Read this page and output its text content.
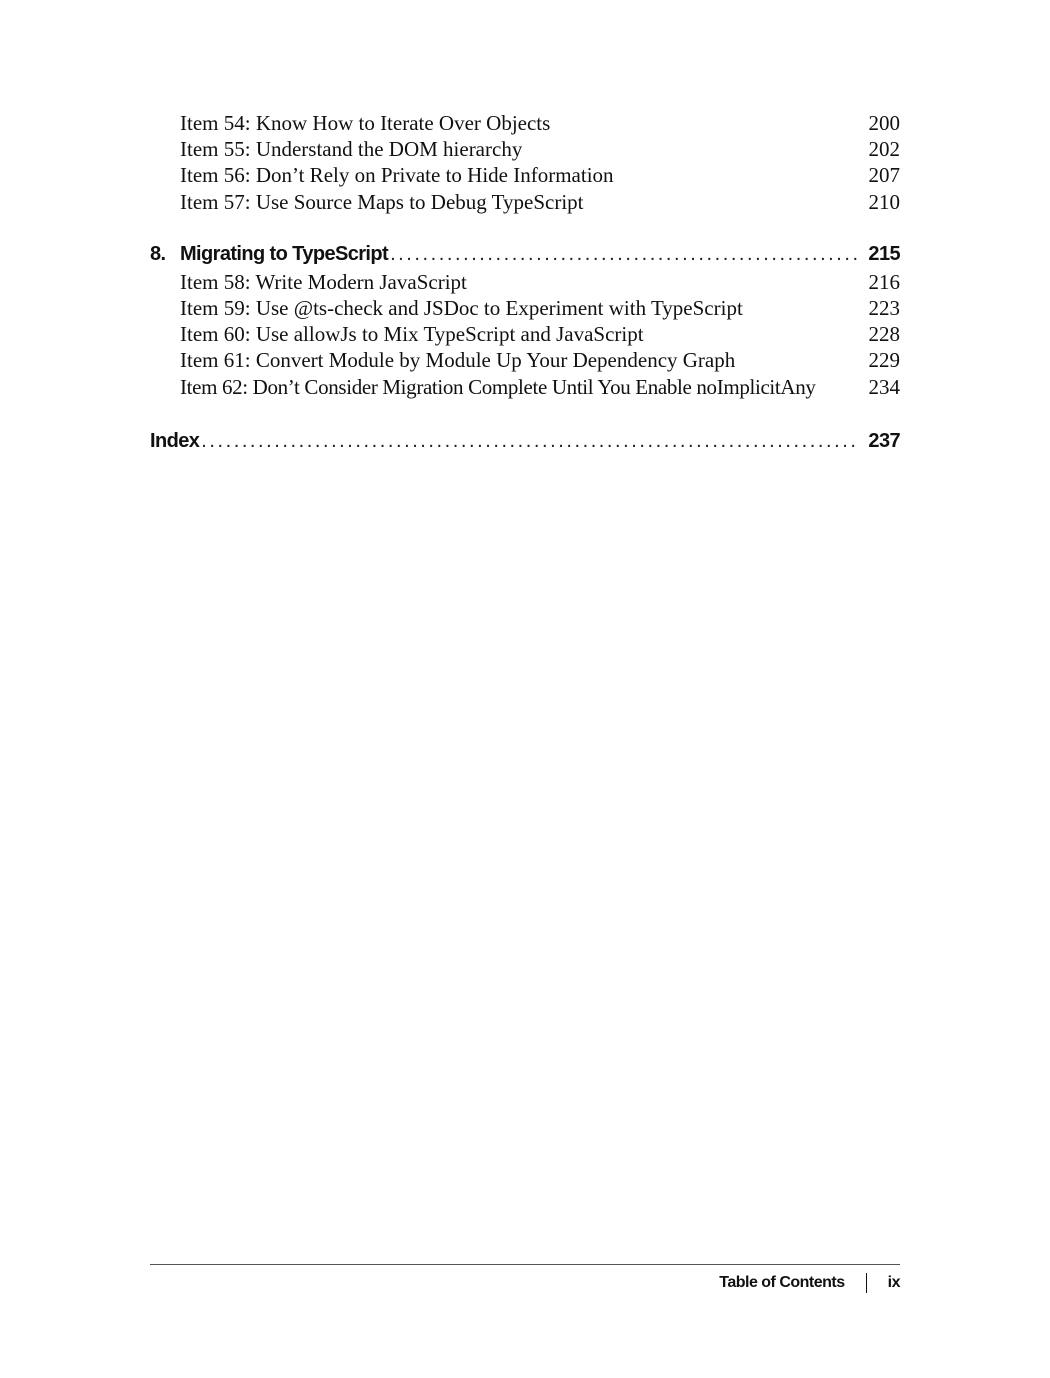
Item 54: Know How to Iterate Over Objects	200
Item 55: Understand the DOM hierarchy	202
Item 56: Don’t Rely on Private to Hide Information	207
Item 57: Use Source Maps to Debug TypeScript	210
8. Migrating to TypeScript . . .	215
Item 58: Write Modern JavaScript	216
Item 59: Use @ts-check and JSDoc to Experiment with TypeScript	223
Item 60: Use allowJs to Mix TypeScript and JavaScript	228
Item 61: Convert Module by Module Up Your Dependency Graph	229
Item 62: Don’t Consider Migration Complete Until You Enable noImplicitAny	234
Index . . .	237
Table of Contents	ix
